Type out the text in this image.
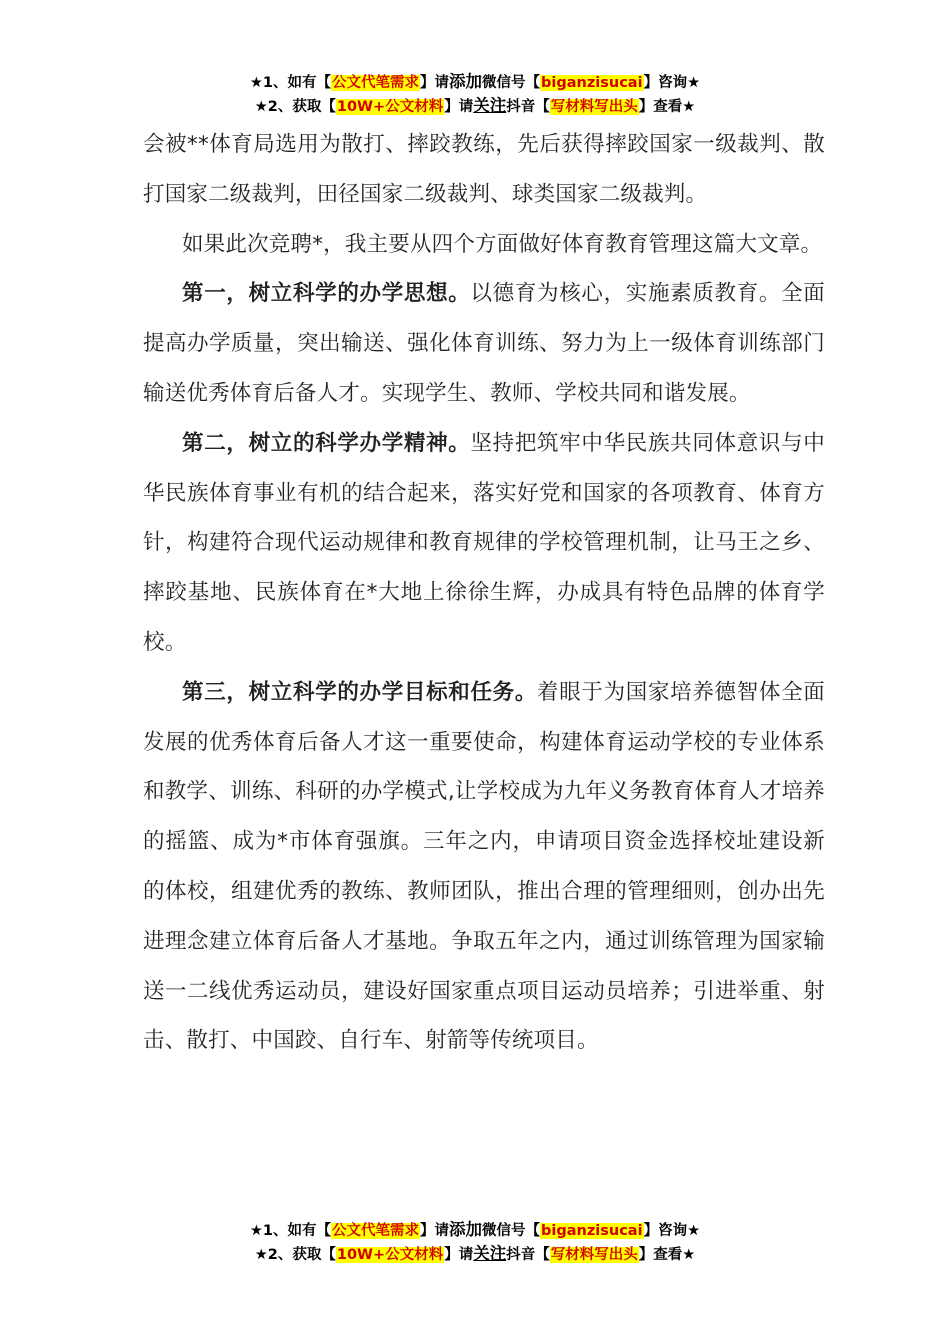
★1、如有【公文代笔需求】请添加微信号【biganzisucai】咨询★
★2、获取【10W+公文材料】请关注抖音【写材料写出头】查看★

会被**体育局选用为散打、摔跤教练，先后获得摔跤国家一级裁判、散打国家二级裁判，田径国家二级裁判、球类国家二级裁判。

如果此次竞聘*，我主要从四个方面做好体育教育管理这篇大文章。

第一，树立科学的办学思想。以德育为核心，实施素质教育。全面提高办学质量，突出输送、强化体育训练、努力为上一级体育训练部门输送优秀体育后备人才。实现学生、教师、学校共同和谐发展。

第二，树立的科学办学精神。坚持把筑牢中华民族共同体意识与中华民族体育事业有机的结合起来，落实好党和国家的各项教育、体育方针，构建符合现代运动规律和教育规律的学校管理机制，让马王之乡、摔跤基地、民族体育在*大地上徐徐生辉，办成具有特色品牌的体育学校。

第三，树立科学的办学目标和任务。着眼于为国家培养德智体全面发展的优秀体育后备人才这一重要使命，构建体育运动学校的专业体系和教学、训练、科研的办学模式,让学校成为九年义务教育体育人才培养的摇篮、成为*市体育强旗。三年之内，申请项目资金选择校址建设新的体校，组建优秀的教练、教师团队，推出合理的管理细则，创办出先进理念建立体育后备人才基地。争取五年之内，通过训练管理为国家输送一二线优秀运动员，建设好国家重点项目运动员培养；引进举重、射击、散打、中国跤、自行车、射箭等传统项目。

★1、如有【公文代笔需求】请添加微信号【biganzisucai】咨询★
★2、获取【10W+公文材料】请关注抖音【写材料写出头】查看★
